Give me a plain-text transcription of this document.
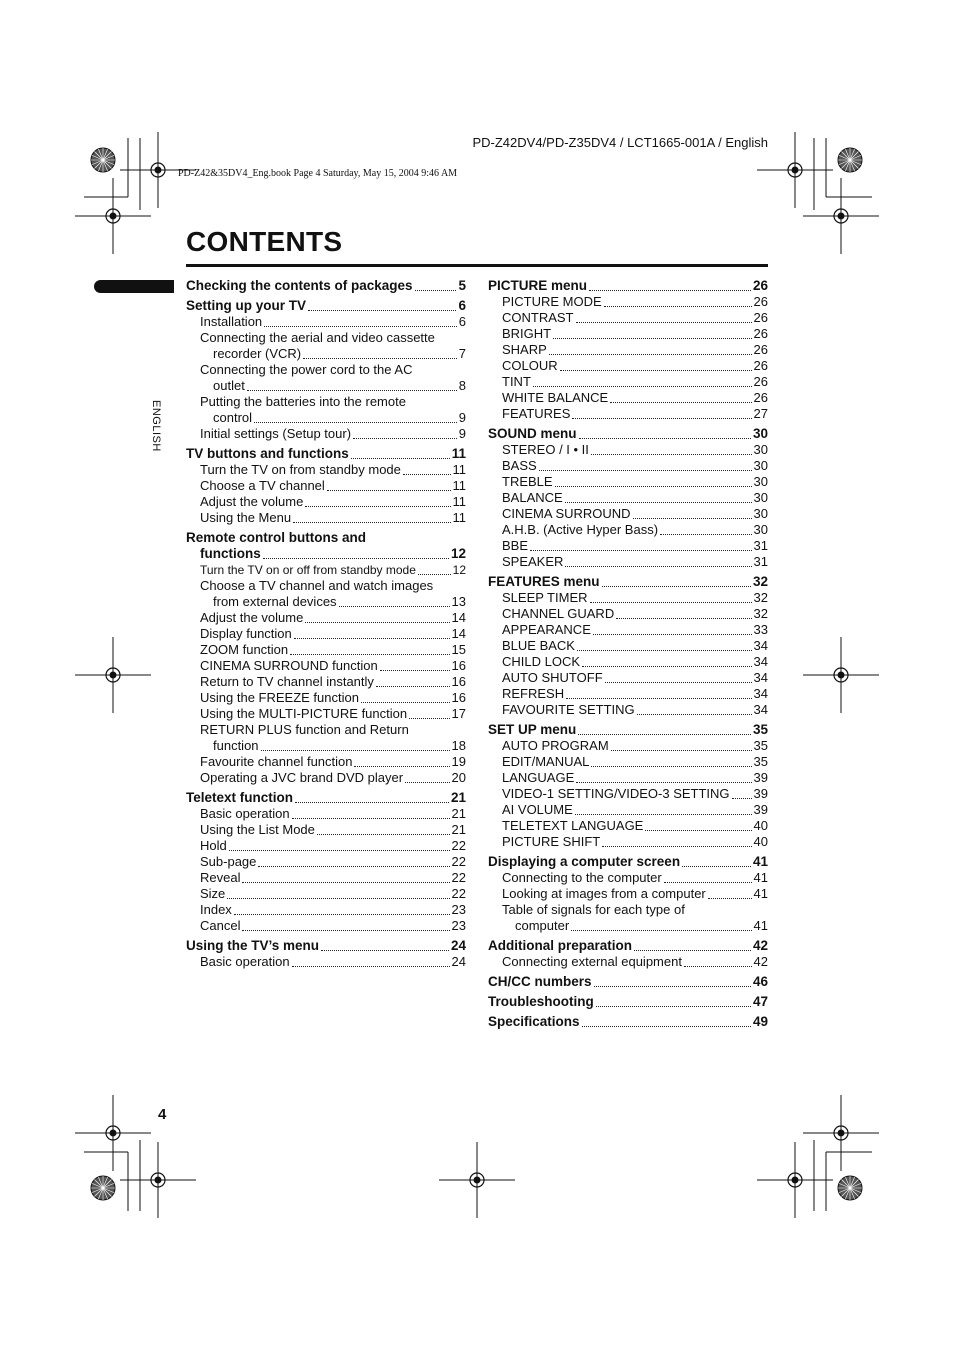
PD-Z42DV4/PD-Z35DV4 / LCT1665-001A / English
PD-Z42&35DV4_Eng.book Page 4 Saturday, May 15, 2004 9:46 AM
CONTENTS
ENGLISH
Checking the contents of packages	5
Setting up your TV	6
Installation	6
Connecting the aerial and video cassette
recorder (VCR)	7
Connecting the power cord to the AC
outlet	8
Putting the batteries into the remote
control	9
Initial settings (Setup tour)	9
TV buttons and functions	11
Turn the TV on from standby mode	11
Choose a TV channel	11
Adjust the volume	11
Using the Menu	11
Remote control buttons and
functions	12
Turn the TV on or off from standby mode	12
Choose a TV channel and watch images
from external devices	13
Adjust the volume	14
Display function	14
ZOOM function	15
CINEMA SURROUND function	16
Return to TV channel instantly	16
Using the FREEZE function	16
Using the MULTI-PICTURE function	17
RETURN PLUS function and Return
function	18
Favourite channel function	19
Operating a JVC brand DVD player	20
Teletext function	21
Basic operation	21
Using the List Mode	21
Hold	22
Sub-page	22
Reveal	22
Size	22
Index	23
Cancel	23
Using the TV’s menu	24
Basic operation	24
PICTURE menu	26
PICTURE MODE	26
CONTRAST	26
BRIGHT	26
SHARP	26
COLOUR	26
TINT	26
WHITE BALANCE	26
FEATURES	27
SOUND menu	30
STEREO / I • II	30
BASS	30
TREBLE	30
BALANCE	30
CINEMA SURROUND	30
A.H.B. (Active Hyper Bass)	30
BBE	31
SPEAKER	31
FEATURES menu	32
SLEEP TIMER	32
CHANNEL GUARD	32
APPEARANCE	33
BLUE BACK	34
CHILD LOCK	34
AUTO SHUTOFF	34
REFRESH	34
FAVOURITE SETTING	34
SET UP menu	35
AUTO PROGRAM	35
EDIT/MANUAL	35
LANGUAGE	39
VIDEO-1 SETTING/VIDEO-3 SETTING 39
AI VOLUME	39
TELETEXT LANGUAGE	40
PICTURE SHIFT	40
Displaying a computer screen	41
Connecting to the computer	41
Looking at images from a computer	41
Table of signals for each type of
computer	41
Additional preparation	42
Connecting external equipment	42
CH/CC numbers	46
Troubleshooting	47
Specifications	49
4
